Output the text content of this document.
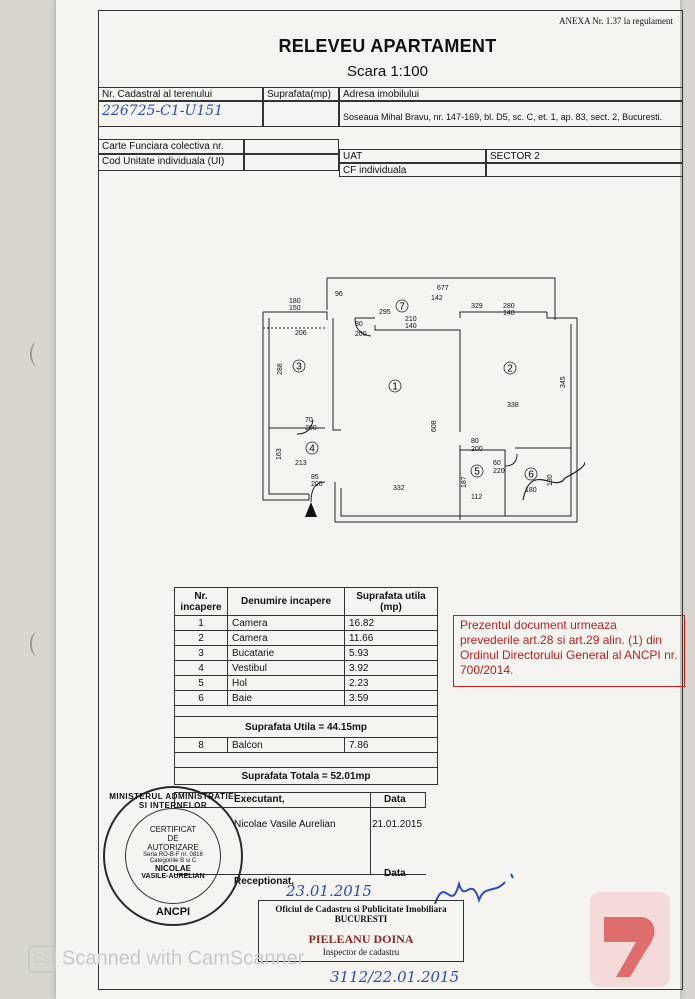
ANEXA Nr. 1.37 la regulament
RELEVEU APARTAMENT
Scara 1:100
Nr. Cadastral al terenului	Suprafata(mp)	Adresa imobilului
226725-C1-U151	Soseaua Mihal Bravu, nr. 147-169, bl. D5, sc. C, et. 1, ap. 83, sect. 2, Bucuresti.
Carte Funciara colectiva nr.
Cod Unitate individuala (UI)	UAT	SECTOR 2
CF individuala
7
1
2
3
4
5	6
677
180
150
96
295
210
140
329	280
140
206
80
200
142
288
345
608
338
70
200
80
200
163
213	60
220
85
200
332
187
112
130
180
Nr. incapere	Denumire incapere	Suprafata utila (mp)
1	Camera	16.82
2	Camera	11.66
3	Bucatarie	5.93
4	Vestibul	3.92
5	Hol	2.23
6	Baie	3.59

Suprafata Utila = 44.15mp		
8	Balcon	7.86

Suprafata Totala = 52.01mp		
Prezentul document urmeaza prevederile art.28 si art.29 alin. (1) din Ordinul Directorului General al ANCPI nr. 700/2014.
Executant,	Data
Nicolae Vasile Aurelian	21.01.2015
Receptionat,
Data
MINISTERUL ADMINISTRATIEI SI INTERNELOR
CERTIFICAT
DE
AUTORIZARE
Seria RO-B-F nr. 0816
Categoriile B si C
NICOLAE
VASILE-AURELIAN
ANCPI
23.01.2015
Oficiul de Cadastru si Publicitate Imobiliara
BUCURESTI
PIELEANU DOINA
Inspector de cadastru
3112/22.01.2015
CS Scanned with CamScanner
